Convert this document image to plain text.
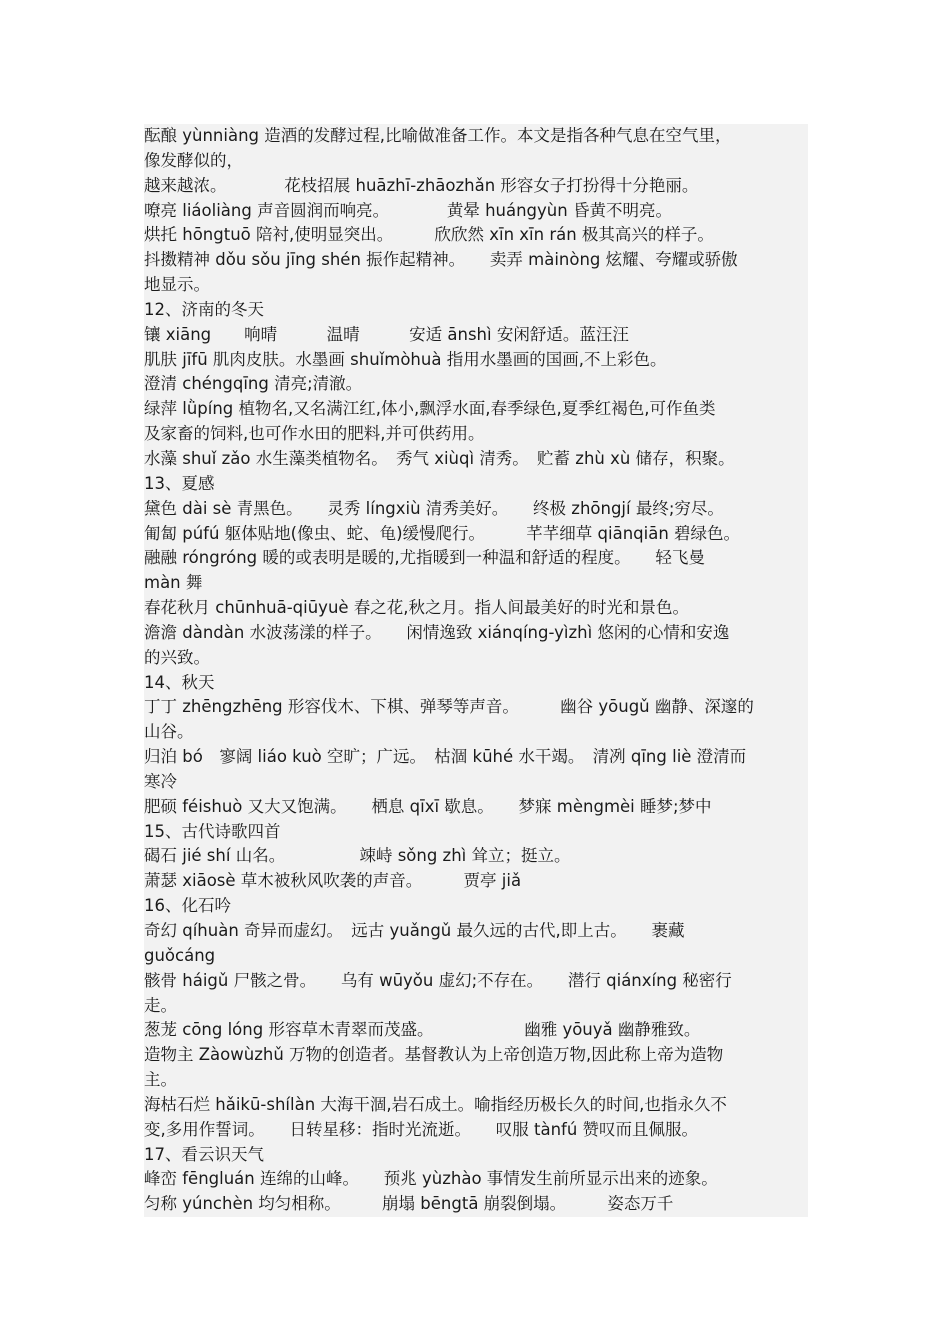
酝酿 yùnniàng 造酒的发酵过程,比喻做准备工作。本文是指各种气息在空气里，
像发酵似的，
越来越浓。　　　　花枝招展 huāzhī-zhāozhǎn 形容女子打扮得十分艳丽。
嘹亮 liáoliàng 声音圆润而响亮。　　　　黄晕 huángyùn 昏黄不明亮。
烘托 hōngtuō 陪衬,使明显突出。　　　欣欣然 xīn xīn rán 极其高兴的样子。
抖擞精神 dǒu sǒu jīng shén 振作起精神。　　卖弄 màinòng 炫耀、夸耀或骄傲
地显示。
12、济南的冬天
镶 xiāng　　响晴　　　温晴　　　安适 ānshì 安闲舒适。蓝汪汪
肌肤 jīfū 肌肉皮肤。水墨画 shuǐmòhuà 指用水墨画的国画,不上彩色。
澄清 chéngqīng 清亮;清澈。
绿萍 lǜpíng 植物名,又名满江红,体小,飘浮水面,春季绿色,夏季红褐色,可作鱼类
及家畜的饲料,也可作水田的肥料,并可供药用。
水藻 shuǐ zǎo 水生藻类植物名。　秀气 xiùqì 清秀。　贮蓄 zhù xù 储存，积聚。
13、夏感
黛色 dài sè 青黑色。　　灵秀 língxiù 清秀美好。　　终极 zhōngjí 最终;穷尽。
匍匐 púfú 躯体贴地(像虫、蛇、龟)缓慢爬行。　　　芊芊细草 qiānqiān 碧绿色。
融融 róngróng 暖的或表明是暖的,尤指暖到一种温和舒适的程度。　　轻飞曼
màn 舞
春花秋月 chūnhuā-qiūyuè 春之花,秋之月。指人间最美好的时光和景色。
澹澹 dàndàn 水波荡漾的样子。　　闲情逸致 xiánqíng-yìzhì 悠闲的心情和安逸
的兴致。
14、秋天
丁丁 zhēngzhēng 形容伐木、下棋、弹琴等声音。　　　幽谷 yōugǔ 幽静、深邃的
山谷。
归泊 bó　寥阔 liáo kuò 空旷；广远。　枯涸 kūhé 水干竭。　清冽 qīng liè 澄清而
寒冷
肥硕 féishuò 又大又饱满。　　栖息 qīxī 歇息。　　梦寐 mèngmèi 睡梦;梦中
15、古代诗歌四首
碣石 jié shí 山名。　　　　　竦峙 sǒng zhì 耸立；挺立。
萧瑟 xiāosè 草木被秋风吹袭的声音。　　　贾亭 jiǎ
16、化石吟
奇幻 qíhuàn 奇异而虚幻。　远古 yuǎngǔ 最久远的古代,即上古。　　裹藏
guǒcáng
骸骨 háigǔ 尸骸之骨。　　乌有 wūyǒu 虚幻;不存在。　　潜行 qiánxíng 秘密行
走。
葱茏 cōng lóng 形容草木青翠而茂盛。　　　　　　幽雅 yōuyǎ 幽静雅致。
造物主 Zàowùzhǔ 万物的创造者。基督教认为上帝创造万物,因此称上帝为造物
主。
海枯石烂 hǎikū-shílàn 大海干涸,岩石成土。喻指经历极长久的时间,也指永久不
变,多用作誓词。　　日转星移：指时光流逝。　　叹服 tànfú 赞叹而且佩服。
17、看云识天气
峰峦 fēngluán 连绵的山峰。　　预兆 yùzhào 事情发生前所显示出来的迹象。
匀称 yúnchèn 均匀相称。　　　崩塌 bēngtā 崩裂倒塌。　　　姿态万千
